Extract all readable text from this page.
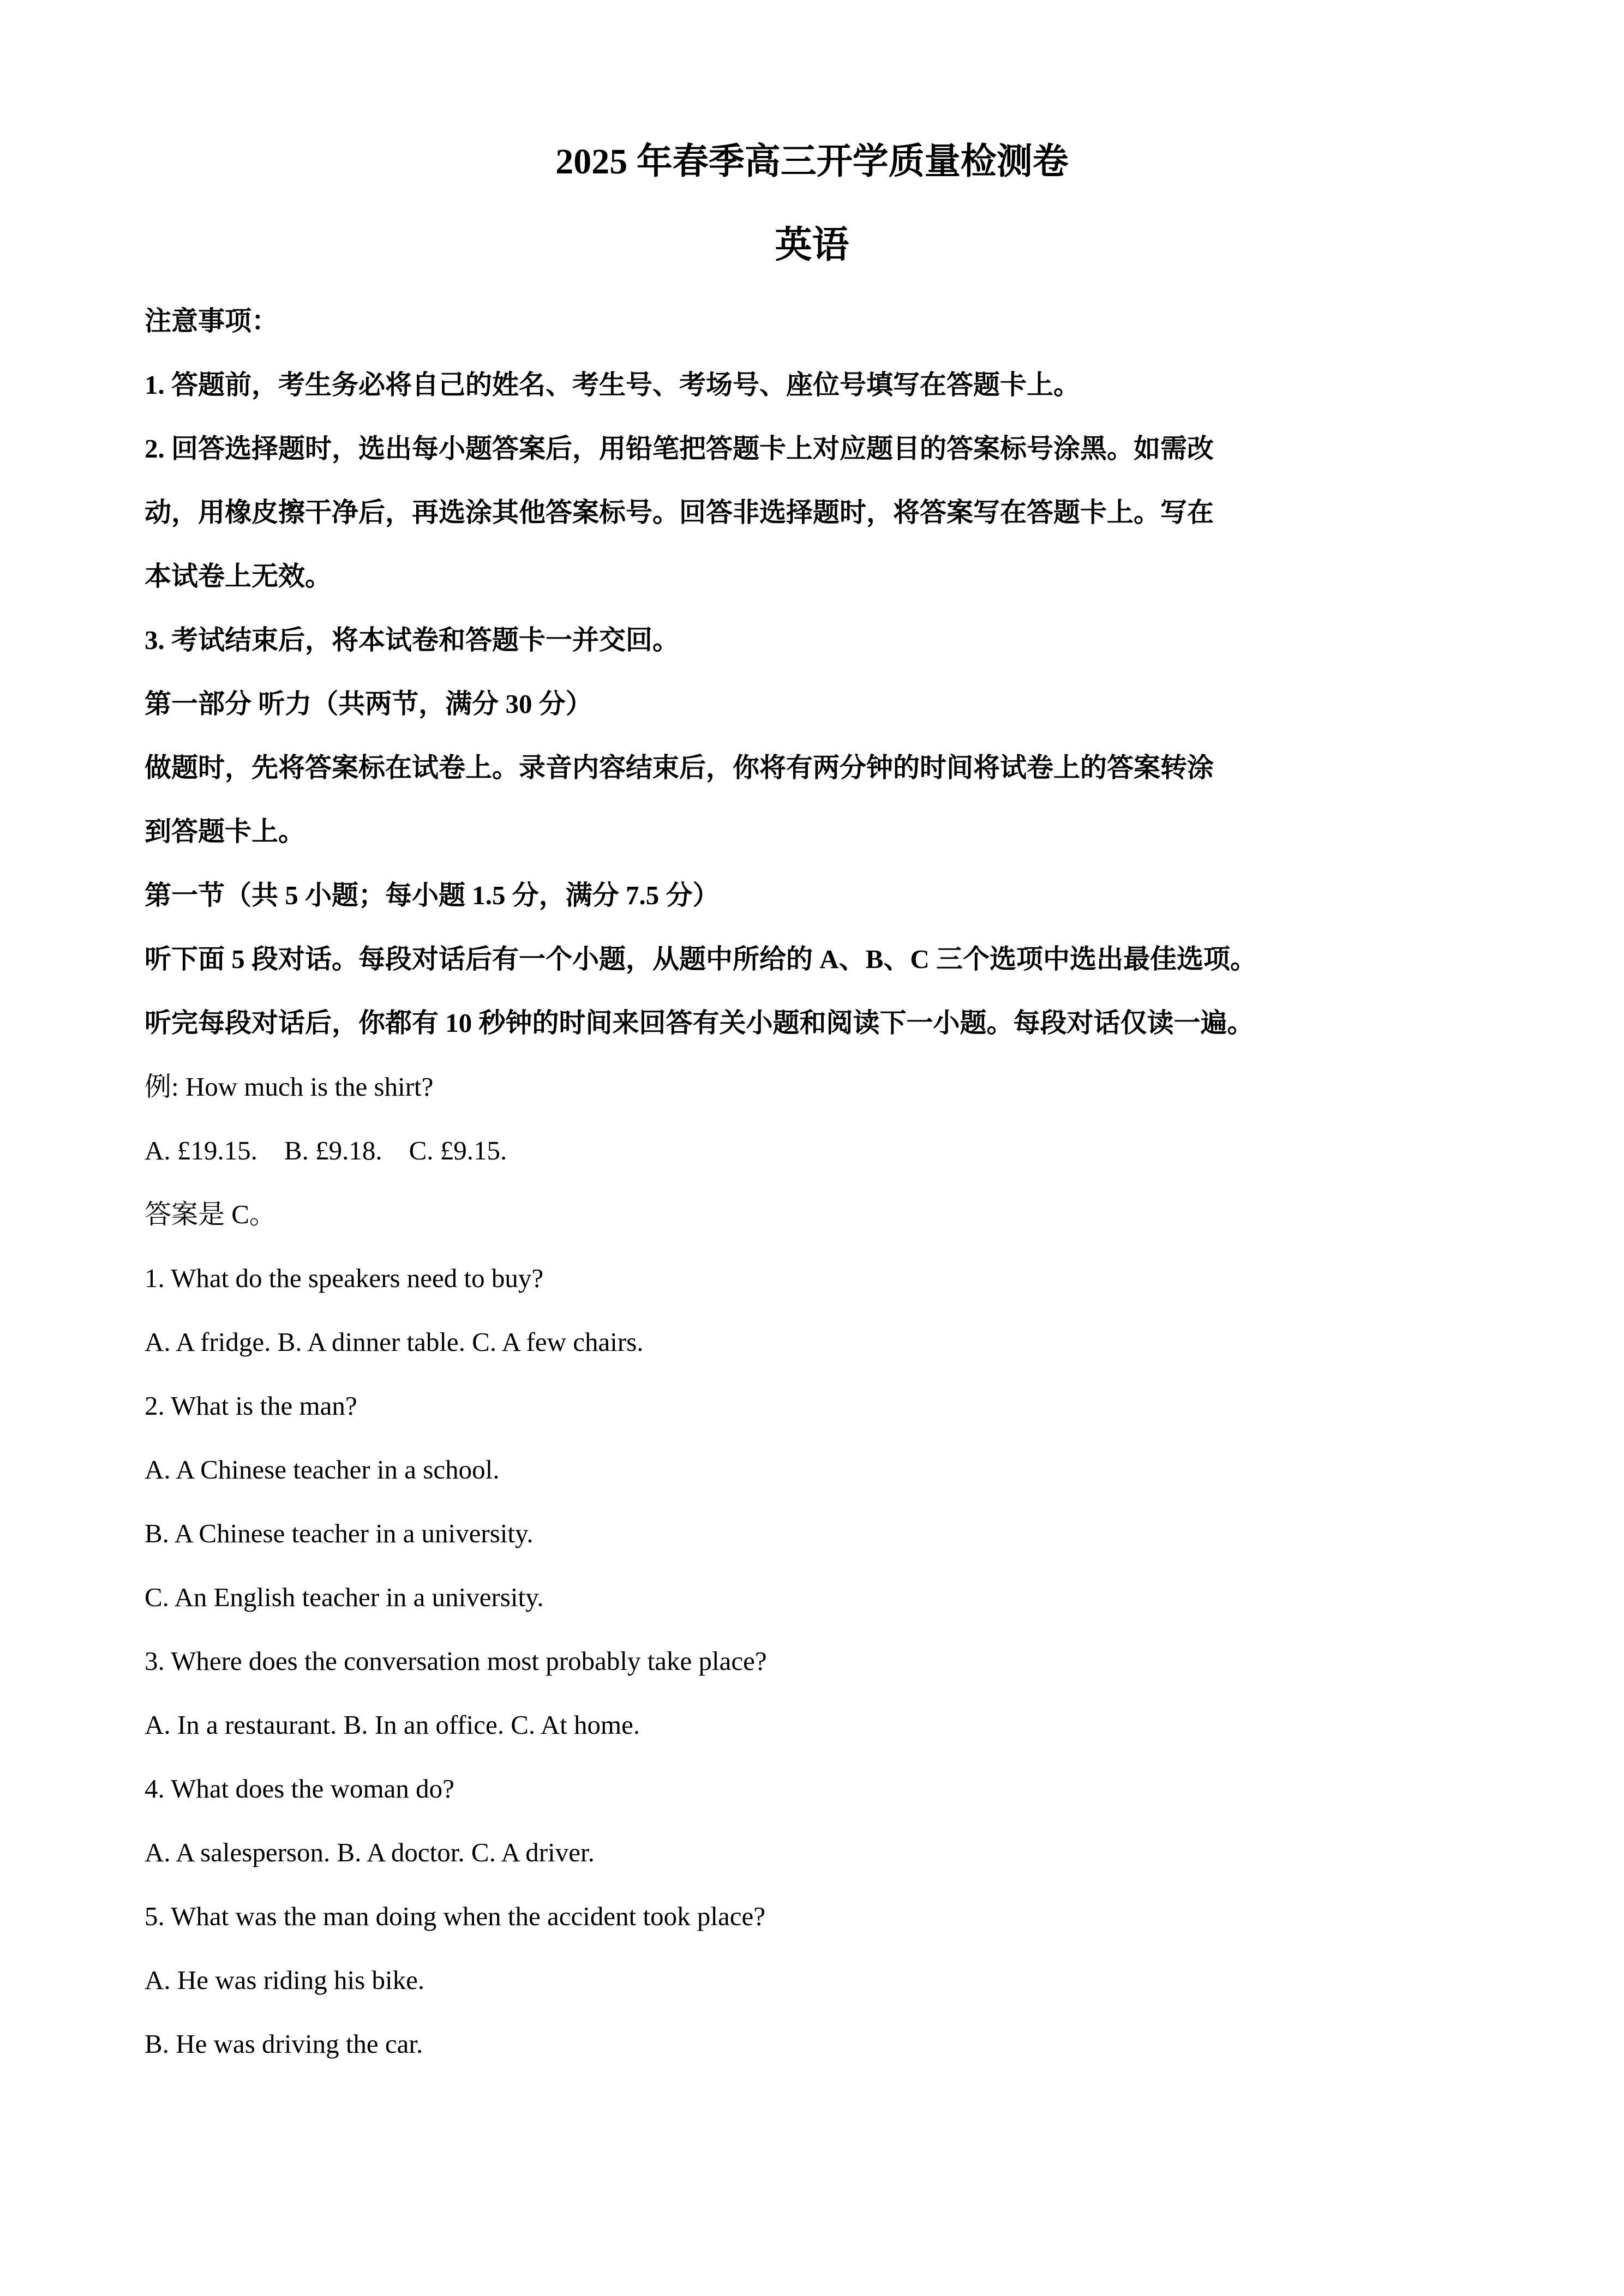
2025 年春季高三开学质量检测卷
英语
注意事项：
1. 答题前，考生务必将自己的姓名、考生号、考场号、座位号填写在答题卡上。
2. 回答选择题时，选出每小题答案后，用铅笔把答题卡上对应题目的答案标号涂黑。如需改
动，用橡皮擦干净后，再选涂其他答案标号。回答非选择题时，将答案写在答题卡上。写在
本试卷上无效。
3. 考试结束后，将本试卷和答题卡一并交回。
第一部分 听力（共两节，满分 30 分）
做题时，先将答案标在试卷上。录音内容结束后，你将有两分钟的时间将试卷上的答案转涂
到答题卡上。
第一节（共 5 小题；每小题 1.5 分，满分 7.5 分）
听下面 5 段对话。每段对话后有一个小题，从题中所给的 A、B、C 三个选项中选出最佳选项。
听完每段对话后，你都有 10 秒钟的时间来回答有关小题和阅读下一小题。每段对话仅读一遍。
例: How much is the shirt?
A. £19.15.    B. £9.18.    C. £9.15.
答案是 C。
1. What do the speakers need to buy?
A. A fridge. B. A dinner table. C. A few chairs.
2. What is the man?
A. A Chinese teacher in a school.
B. A Chinese teacher in a university.
C. An English teacher in a university.
3. Where does the conversation most probably take place?
A. In a restaurant. B. In an office. C. At home.
4. What does the woman do?
A. A salesperson. B. A doctor. C. A driver.
5. What was the man doing when the accident took place?
A. He was riding his bike.
B. He was driving the car.
